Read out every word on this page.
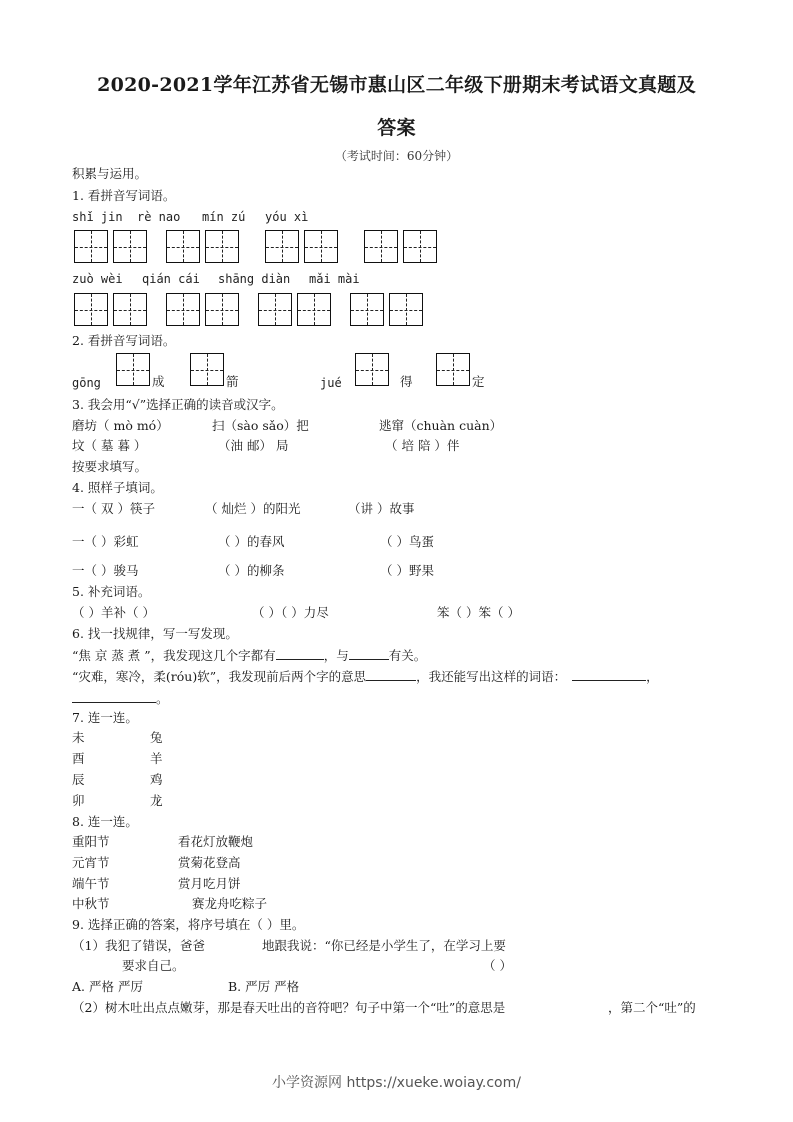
2020-2021学年江苏省无锡市惠山区二年级下册期末考试语文真题及
答案
（考试时间：60分钟）
积累与运用。
1. 看拼音写词语。
shǐ jin rè nao mín zú yóu xì
zuò wèi qián cái shāng diàn mǎi mài
2. 看拼音写词语。
gōng	成	箭	jué	得	定
3. 我会用“√”选择正确的读音或汉字。
磨坊（ mò mó）	扫（sào sǎo）把	逃窜（chuàn cuàn）
坟（ 墓 暮 ）	（油 邮） 局	（ 培 陪 ）伴
按要求填写。
4. 照样子填词。
一（ 双 ）筷子	（ 灿烂 ）的阳光	（讲 ）故事
一（ ）彩虹	（ ）的春风	（ ）鸟蛋
一（ ）骏马	（ ）的柳条	（ ）野果
5. 补充词语。
（ ）羊补（ ）	（ ）（ ）力尽	笨（ ）笨（ ）
6. 找一找规律，写一写发现。
“焦 京 蒸 煮 ”，我发现这几个字都有	，与	有关。
“灾难，寒冷，柔(róu)软”，我发现前后两个字的意思	，我还能写出这样的词语：	，
。
7. 连一连。
未	兔
酉	羊
辰	鸡
卯	龙
8. 连一连。
重阳节	看花灯放鞭炮
元宵节	赏菊花登高
端午节	赏月吃月饼
中秋节	赛龙舟吃粽子
9. 选择正确的答案，将序号填在（ ）里。
（1）我犯了错误，爸爸	地跟我说：“你已经是小学生了，在学习上要
要求自己。	（ ）
A. 严格 严厉	B. 严厉 严格
（2）树木吐出点点嫩芽，那是春天吐出的音符吧？句子中第一个“吐”的意思是	，第二个“吐”的
小学资源网 https://xueke.woiay.com/
